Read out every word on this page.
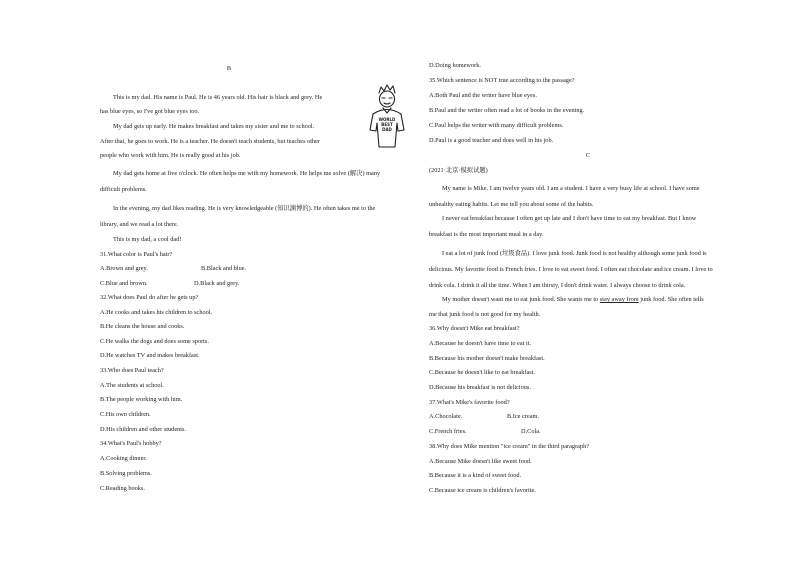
B
This is my dad. His name is Paul. He is 46 years old. His hair is black and grey. He
has blue eyes, so I've got blue eyes too.
My dad gets up early. He makes breakfast and takes my sister and me to school.
After that, he goes to work. He is a teacher. He doesn't teach students, but teaches other
people who work with him. He is really good at his job.
My dad gets home at five o'clock. He often helps me with my homework. He helps me solve (解决) many
difficult problems.
In the evening, my dad likes reading. He is very knowledgeable (知识渊博的). He often takes me to the
library, and we read a lot there.
This is my dad, a cool dad!
31.What color is Paul's hair?
A.Brown and grey.	B.Black and blue.
C.Blue and brown.	D.Black and grey.
32.What does Paul do after he gets up?
A.He cooks and takes his children to school.
B.He cleans the house and cooks.
C.He walks the dogs and does some sports.
D.He watches TV and makes breakfast.
33.Who does Paul teach?
A.The students at school.
B.The people working with him.
C.His own children.
D.His children and other students.
34.What's Paul's hobby?
A.Cooking dinner.
B.Solving problems.
C.Reading books.
WORLD
BEST
DAD
D.Doing homework.
35.Which sentence is NOT true according to the passage?
A.Both Paul and the writer have blue eyes.
B.Paul and the writer often read a lot of books in the evening.
C.Paul helps the writer with many difficult problems.
D.Paul is a good teacher and does well in his job.
C
(2021·北京·模拟试题)
My name is Mike. I am twelve years old. I am a student. I have a very busy life at school. I have some
unhealthy eating habits. Let me tell you about some of the habits.
I never eat breakfast because I often get up late and I don't have time to eat my breakfast. But I know
breakfast is the most important meal in a day.
I eat a lot of junk food (垃圾食品). I love junk food. Junk food is not healthy although some junk food is
delicious. My favorite food is French fries. I love to eat sweet food. I often eat chocolate and ice cream. I love to
drink cola. I drink it all the time. When I am thirsty, I don't drink water. I always choose to drink cola.
My mother doesn't want me to eat junk food. She wants me to stay away from junk food. She often tells
me that junk food is not good for my health.
36.Why doesn't Mike eat breakfast?
A.Because he doesn't have time to eat it.
B.Because his mother doesn't make breakfast.
C.Because he doesn't like to eat breakfast.
D.Because his breakfast is not delicious.
37.What's Mike's favorite food?
A.Chocolate.	B.Ice cream.
C.French fries.	D.Cola.
38.Why does Mike mention "ice cream" in the third paragraph?
A.Because Mike doesn't like sweet food.
B.Because it is a kind of sweet food.
C.Because ice cream is children's favorite.
